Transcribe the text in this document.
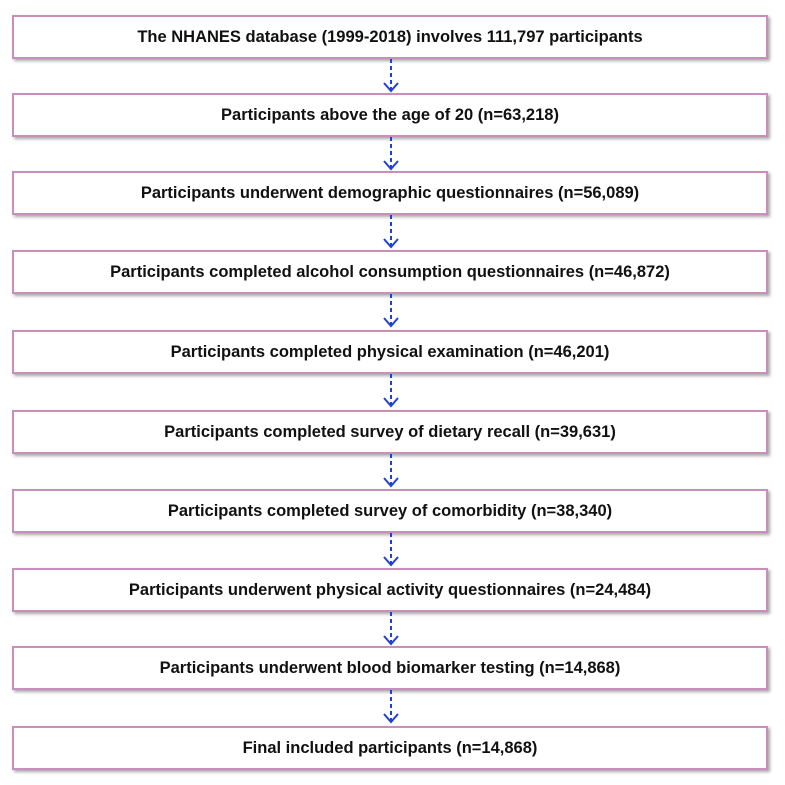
The NHANES database (1999-2018) involves 111,797 participants
Participants above the age of 20 (n=63,218)
Participants underwent demographic questionnaires (n=56,089)
Participants completed alcohol consumption questionnaires (n=46,872)
Participants completed physical examination (n=46,201)
Participants completed survey of dietary recall (n=39,631)
Participants completed survey of comorbidity (n=38,340)
Participants underwent physical activity questionnaires (n=24,484)
Participants underwent blood biomarker testing (n=14,868)
Final included participants (n=14,868)
